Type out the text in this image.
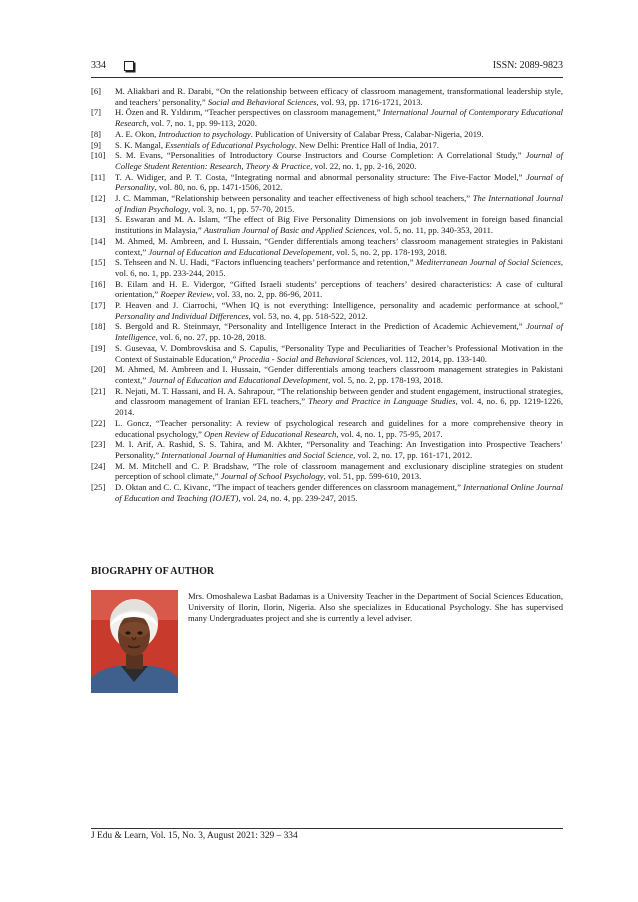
334	ISSN: 2089-9823
[6] M. Aliakbari and R. Darabi, “On the relationship between efficacy of classroom management, transformational leadership style, and teachers’ personality,” Social and Behavioral Sciences, vol. 93, pp. 1716-1721, 2013.
[7] H. Özen and R. Yıldırım, “Teacher perspectives on classroom management,” International Journal of Contemporary Educational Research, vol. 7, no. 1, pp. 99-113, 2020.
[8] A. E. Okon, Introduction to psychology. Publication of University of Calabar Press, Calabar-Nigeria, 2019.
[9] S. K. Mangal, Essentials of Educational Psychology. New Delhi: Prentice Hall of India, 2017.
[10] S. M. Evans, “Personalities of Introductory Course Instructors and Course Completion: A Correlational Study,” Journal of College Student Retention: Research, Theory & Practice, vol. 22, no. 1, pp. 2-16, 2020.
[11] T. A. Widiger, and P. T. Costa, “Integrating normal and abnormal personality structure: The Five-Factor Model,” Journal of Personality, vol. 80, no. 6, pp. 1471-1506, 2012.
[12] J. C. Mamman, “Relationship between personality and teacher effectiveness of high school teachers,” The International Journal of Indian Psychology, vol. 3, no. 1, pp. 57-70, 2015.
[13] S. Eswaran and M. A. Islam, “The effect of Big Five Personality Dimensions on job involvement in foreign based financial institutions in Malaysia,” Australian Journal of Basic and Applied Sciences, vol. 5, no. 11, pp. 340-353, 2011.
[14] M. Ahmed, M. Ambreen, and I. Hussain, “Gender differentials among teachers’ classroom management strategies in Pakistani context,” Journal of Education and Educational Developement, vol. 5, no. 2, pp. 178-193, 2018.
[15] S. Tehseen and N. U. Hadi, “Factors influencing teachers’ performance and retention,” Mediterranean Journal of Social Sciences, vol. 6, no. 1, pp. 233-244, 2015.
[16] B. Eilam and H. E. Vidergor, “Gifted Israeli students’ perceptions of teachers’ desired characteristics: A case of cultural orientation,” Roeper Review, vol. 33, no. 2, pp. 86-96, 2011.
[17] P. Heaven and J. Ciarrochi, “When IQ is not everything: Intelligence, personality and academic performance at school,” Personality and Individual Differences, vol. 53, no. 4, pp. 518-522, 2012.
[18] S. Bergold and R. Steinmayr, “Personality and Intelligence Interact in the Prediction of Academic Achievement,” Journal of Intelligence, vol. 6, no. 27, pp. 10-28, 2018.
[19] S. Gusevaa, V. Dombrovskisa and S. Capulis, “Personality Type and Peculiarities of Teacher’s Professional Motivation in the Context of Sustainable Education,” Procedia - Social and Behavioral Sciences, vol. 112, 2014, pp. 133-140.
[20] M. Ahmed, M. Ambreen and I. Hussain, “Gender differentials among teachers classroom management strategies in Pakistani context,” Journal of Education and Educational Development, vol. 5, no. 2, pp. 178-193, 2018.
[21] R. Nejati, M. T. Hassani, and H. A. Sahrapour, “The relationship between gender and student engagement, instructional strategies, and classroom management of Iranian EFL teachers,” Theory and Practice in Language Studies, vol. 4, no. 6, pp. 1219-1226, 2014.
[22] L. Goncz, “Teacher personality: A review of psychological research and guidelines for a more comprehensive theory in educational psychology,” Open Review of Educational Research, vol. 4, no. 1, pp. 75-95, 2017.
[23] M. I. Arif, A. Rashid, S. S. Tahira, and M. Akhter, “Personality and Teaching: An Investigation into Prospective Teachers’ Personality,” International Journal of Humanities and Social Science, vol. 2, no. 17, pp. 161-171, 2012.
[24] M. M. Mitchell and C. P. Bradshaw, “The role of classroom management and exclusionary discipline strategies on student perception of school climate,” Journal of School Psychology, vol. 51, pp. 599-610, 2013.
[25] D. Oktan and C. C. Kivanc, “The impact of teachers gender differences on classroom management,” International Online Journal of Education and Teaching (IOJET), vol. 24, no. 4, pp. 239-247, 2015.
BIOGRAPHY OF AUTHOR
Mrs. Omoshalewa Lasbat Badamas is a University Teacher in the Department of Social Sciences Education, University of Ilorin, Ilorin, Nigeria. Also she specializes in Educational Psychology. She has supervised many Undergraduates project and she is currently a level adviser.
J Edu & Learn, Vol. 15, No. 3, August 2021: 329 – 334
